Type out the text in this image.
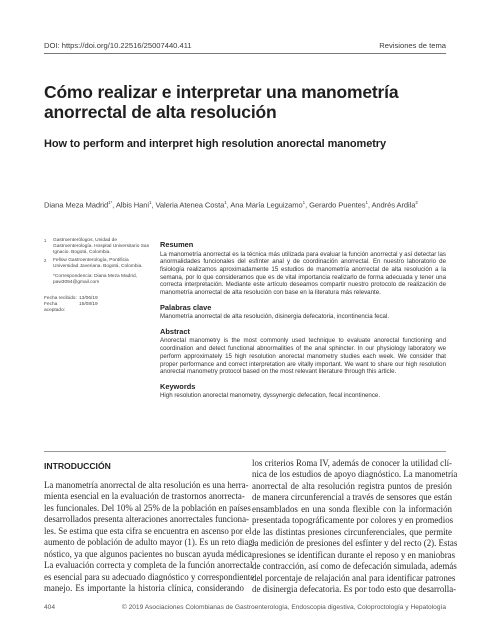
DOI: https://doi.org/10.22516/25007440.411	Revisiones de tema
Cómo realizar e interpretar una manometría anorrectal de alta resolución
How to perform and interpret high resolution anorectal manometry
Diana Meza Madrid$^{1*}$, Albis Hani$^1$, Valeria Atenea Costa$^1$, Ana María Leguizamo$^1$, Gerardo Puentes$^1$, Andrés Ardila$^2$
1	Gastroenterólogos, Unidad de Gastroenterología. Hospital Universitario San Ignacio. Bogotá, Colombia.
2	Fellow Gastroenterología, Pontificia Universidad Javeriana. Bogotá, Colombia.
*Correspondencia: Diana Meza Madrid, paw3094@gmail.com
Fecha recibido: 13/06/19
Fecha aceptado:
15/08/19
Resumen
La manometría anorrectal es la técnica más utilizada para evaluar la función anorrectal y así detectar las anormalidades funcionales del esfínter anal y de coordinación anorrectal. En nuestro laboratorio de fisiología realizamos aproximadamente 15 estudios de manometría anorrectal de alta resolución a la semana, por lo que consideramos que es de vital importancia realizarlo de forma adecuada y tener una correcta interpretación. Mediante este artículo deseamos compartir nuestro protocolo de realización de manometría anorrectal de alta resolución con base en la literatura más relevante.
Palabras clave
Manometría anorrectal de alta resolución, disinergia defecatoria, incontinencia fecal.
Abstract
Anorectal manometry is the most commonly used technique to evaluate anorectal functioning and coordination and detect functional abnormalities of the anal sphincter. In our physiology laboratory we perform approximately 15 high resolution anorectal manometry studies each week. We consider that proper performance and correct interpretation are vitally important. We want to share our high resolution anorectal manometry protocol based on the most relevant literature through this article.
Keywords
High resolution anorectal manometry, dyssynergic defecation, fecal incontinence.
INTRODUCCIÓN
La manometría anorrectal de alta resolución es una herra-
mienta esencial en la evaluación de trastornos anorrecta-
les funcionales. Del 10% al 25% de la población en países
desarrollados presenta alteraciones anorrectales funciona-
les. Se estima que esta cifra se encuentra en ascenso por el
aumento de población de adulto mayor (1). Es un reto diag-
nóstico, ya que algunos pacientes no buscan ayuda médica.
La evaluación correcta y completa de la función anorrectal
es esencial para su adecuado diagnóstico y correspondiente
manejo. Es importante la historia clínica, considerando
los criterios Roma IV, además de conocer la utilidad clí-
nica de los estudios de apoyo diagnóstico. La manometría
anorrectal de alta resolución registra puntos de presión
de manera circunferencial a través de sensores que están
ensamblados en una sonda flexible con la información
presentada topográficamente por colores y en promedios
de las distintas presiones circunferenciales, que permite
la medición de presiones del esfínter y del recto (2). Estas
presiones se identifican durante el reposo y en maniobras
de contracción, así como de defecación simulada, además
del porcentaje de relajación anal para identificar patrones
de disinergia defecatoria. Es por todo esto que desarrolla-
404	© 2019 Asociaciones Colombianas de Gastroenterología, Endoscopia digestiva, Coloproctología y Hepatología
